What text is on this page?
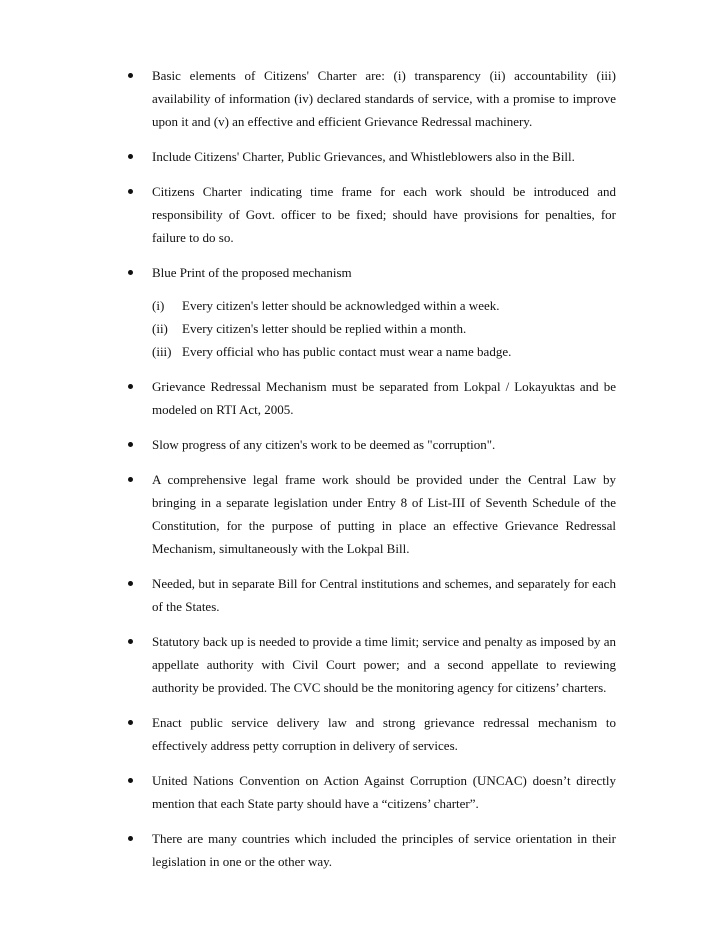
Basic elements of Citizens' Charter are: (i) transparency (ii) accountability (iii) availability of information (iv) declared standards of service, with a promise to improve upon it and (v) an effective and efficient Grievance Redressal machinery.
Include Citizens' Charter, Public Grievances, and Whistleblowers also in the Bill.
Citizens Charter indicating time frame for each work should be introduced and responsibility of Govt. officer to be fixed; should have provisions for penalties, for failure to do so.
Blue Print of the proposed mechanism
(i) Every citizen's letter should be acknowledged within a week.
(ii) Every citizen's letter should be replied within a month.
(iii) Every official who has public contact must wear a name badge.
Grievance Redressal Mechanism must be separated from Lokpal / Lokayuktas and be modeled on RTI Act, 2005.
Slow progress of any citizen's work to be deemed as "corruption".
A comprehensive legal frame work should be provided under the Central Law by bringing in a separate legislation under Entry 8 of List-III of Seventh Schedule of the Constitution, for the purpose of putting in place an effective Grievance Redressal Mechanism, simultaneously with the Lokpal Bill.
Needed, but in separate Bill for Central institutions and schemes, and separately for each of the States.
Statutory back up is needed to provide a time limit; service and penalty as imposed by an appellate authority with Civil Court power; and a second appellate to reviewing authority be provided. The CVC should be the monitoring agency for citizens’ charters.
Enact public service delivery law and strong grievance redressal mechanism to effectively address petty corruption in delivery of services.
United Nations Convention on Action Against Corruption (UNCAC) doesn’t directly mention that each State party should have a “citizens’ charter”.
There are many countries which included the principles of service orientation in their legislation in one or the other way.
